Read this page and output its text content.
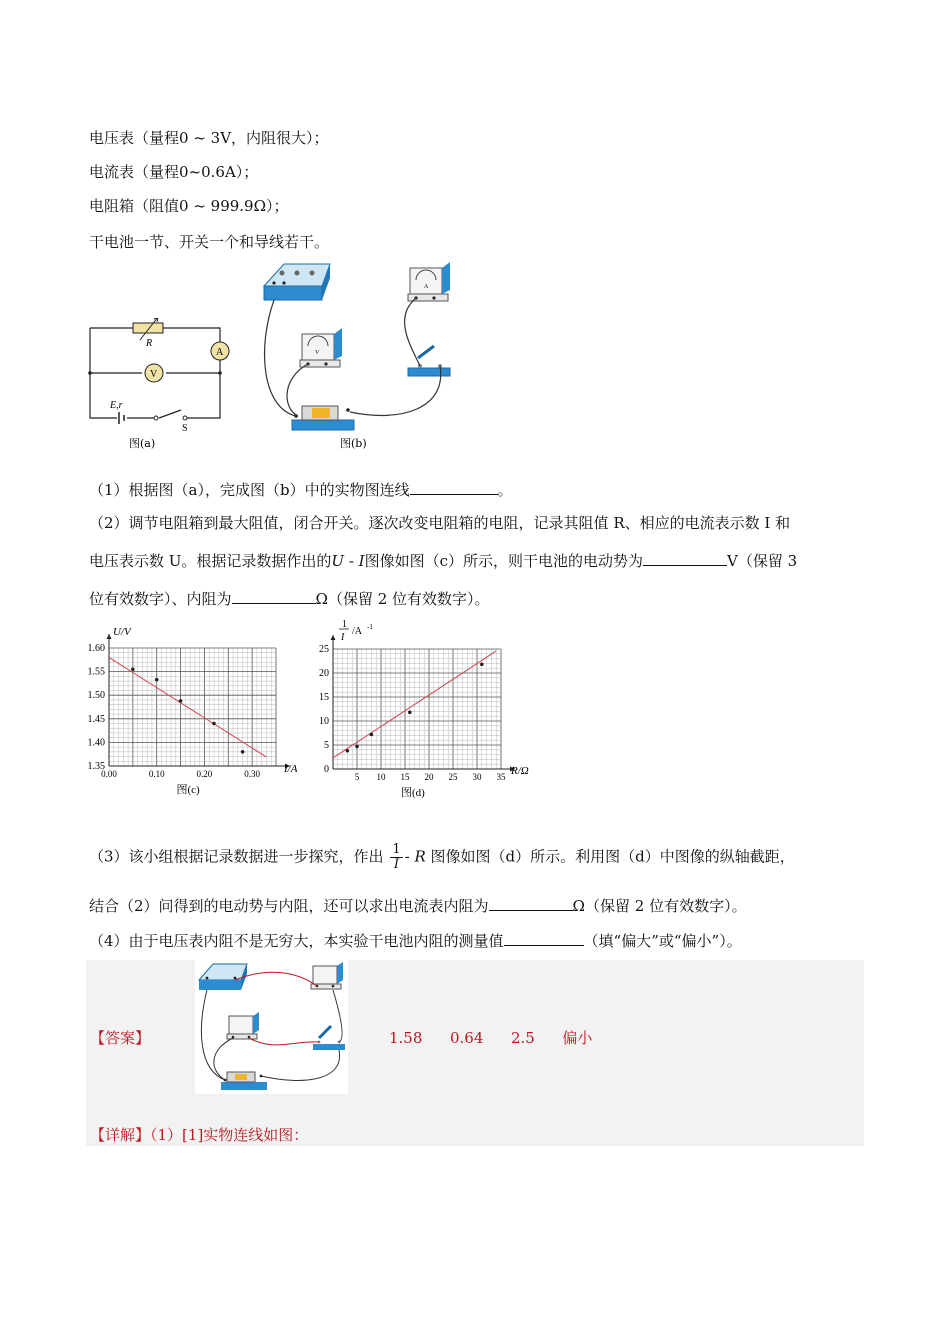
电压表（量程0 ~ 3V，内阻很大）；
电流表（量程0~0.6A）；
电阻箱（阻值0 ~ 999.9Ω）；
干电池一节、开关一个和导线若干。
R
A
V
E,r
S
图(a)
A
V
图(b)
（1）根据图（a），完成图（b）中的实物图连线	。
（2）调节电阻箱到最大阻值，闭合开关。逐次改变电阻箱的电阻，记录其阻值 R、相应的电流表示数 I 和
电压表示数 U。根据记录数据作出的U - I图像如图（c）所示，则干电池的电动势为	V（保留 3
位有效数字）、内阻为	Ω（保留 2 位有效数字）。
1.35
1.40
1.45
1.50
1.55
1.60
0.00	0.10	0.20	0.30
图(c)
U/V
I/A	0
5
10
15
20
25
5 10 15 20 25 30 35
图(d)
1
I
/A -1
R/Ω
（3）该小组根据记录数据进一步探究，作出 $\frac{1}{I}$ - R 图像如图（d）所示。利用图（d）中图像的纵轴截距，
结合（2）问得到的电动势与内阻，还可以求出电流表内阻为	Ω（保留 2 位有效数字）。
（4）由于电压表内阻不是无穷大，本实验干电池内阻的测量值	（填“偏大”或“偏小”）。
【答案】	1.58 0.64 2.5 偏小
【详解】（1）[1]实物连线如图：
